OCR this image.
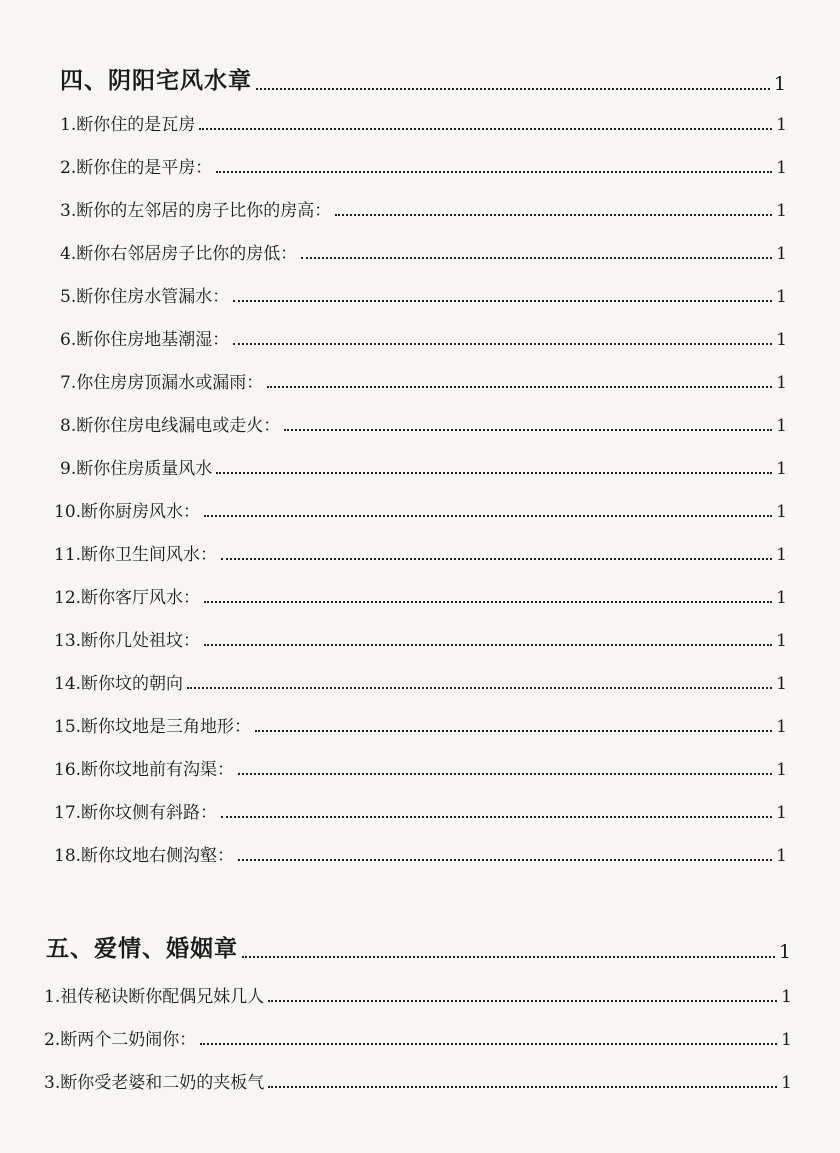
四、阴阳宅风水章	1
1.断你住的是瓦房	1
2.断你住的是平房：	1
3.断你的左邻居的房子比你的房高：	1
4.断你右邻居房子比你的房低：	1
5.断你住房水管漏水：	1
6.断你住房地基潮湿：	1
7.你住房房顶漏水或漏雨：	1
8.断你住房电线漏电或走火：	1
9.断你住房质量风水	1
10.断你厨房风水：	1
11.断你卫生间风水：	1
12.断你客厅风水：	1
13.断你几处祖坟：	1
14.断你坟的朝向	1
15.断你坟地是三角地形：	1
16.断你坟地前有沟渠：	1
17.断你坟侧有斜路：	1
18.断你坟地右侧沟壑：	1
五、爱情、婚姻章	1
1.祖传秘诀断你配偶兄妹几人	1
2.断两个二奶闹你：	1
3.断你受老婆和二奶的夹板气	1
